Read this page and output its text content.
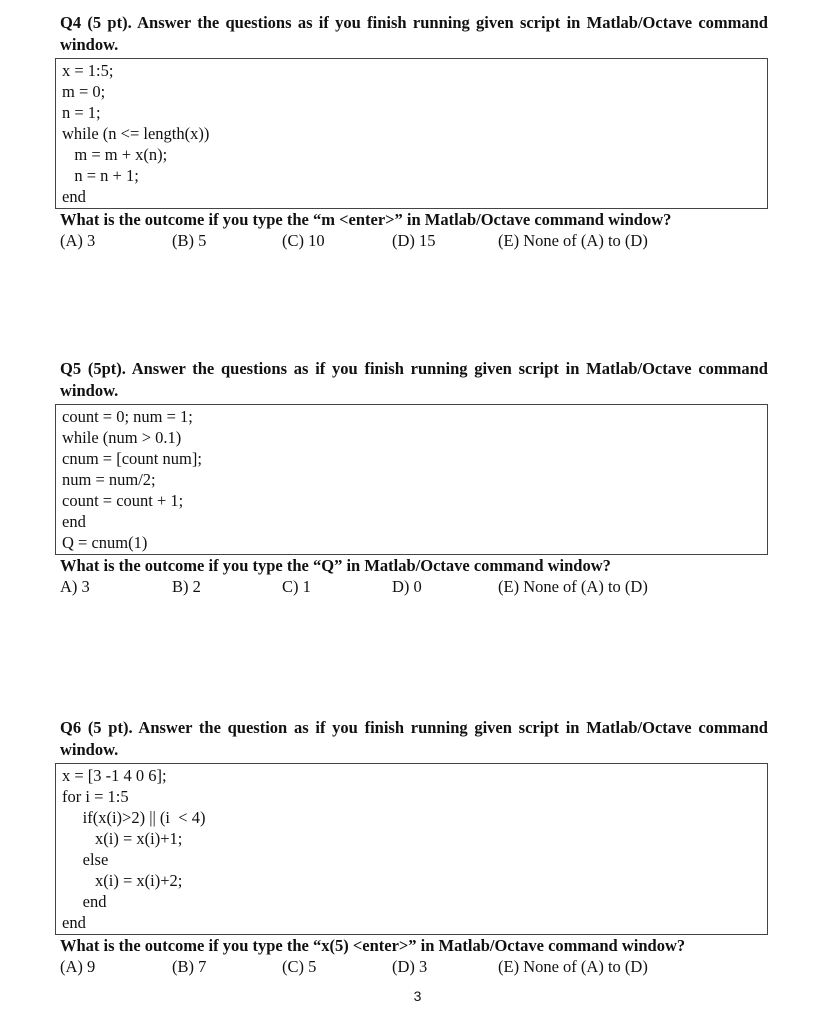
Q4 (5 pt). Answer the questions as if you finish running given script in Matlab/Octave command window.
x = 1:5;
m = 0;
n = 1;
while (n <= length(x))
m = m + x(n);
n = n + 1;
end
What is the outcome if you type the “m <enter>” in Matlab/Octave command window?
(A) 3	(B) 5	(C) 10	(D) 15	(E) None of (A) to (D)
Q5 (5pt). Answer the questions as if you finish running given script in Matlab/Octave command window.
count = 0; num = 1;
while (num > 0.1)
cnum = [count num];
num = num/2;
count = count + 1;
end
Q = cnum(1)
What is the outcome if you type the “Q” in Matlab/Octave command window?
A) 3	B) 2	C) 1	D) 0	(E) None of (A) to (D)
Q6 (5 pt). Answer the question as if you finish running given script in Matlab/Octave command window.
x = [3 -1 4 0 6];
for i = 1:5
if(x(i)>2) || (i  < 4)
x(i) = x(i)+1;
else
x(i) = x(i)+2;
end
end
What is the outcome if you type the “x(5) <enter>” in Matlab/Octave command window?
(A) 9	(B) 7	(C) 5	(D) 3	(E) None of (A) to (D)
3
